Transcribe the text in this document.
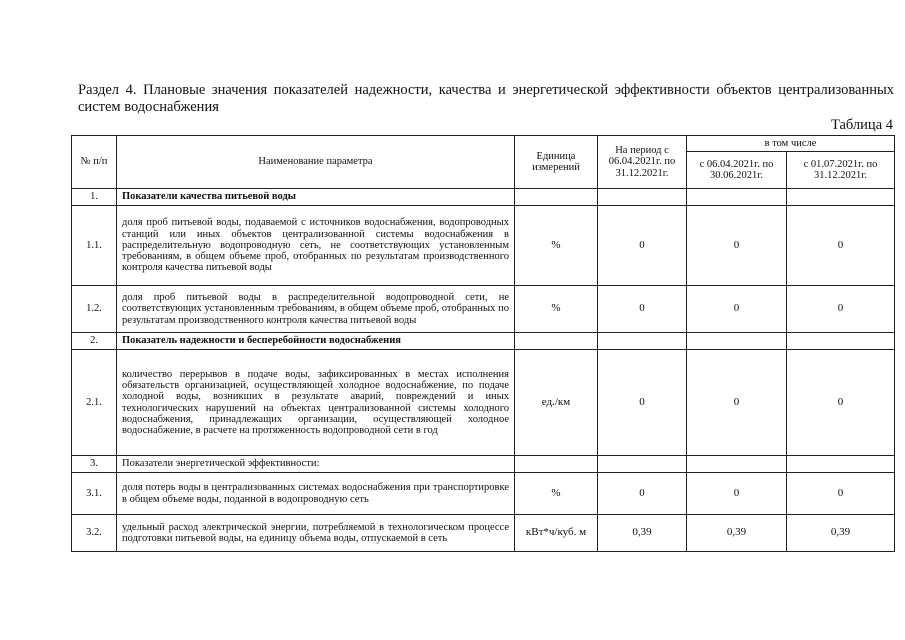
Раздел 4. Плановые значения показателей надежности, качества и энергетической эффективности объектов централизованных систем водоснабжения
Таблица 4
№ п/п	Наименование параметра	Единица измерений	На период с 06.04.2021г. по 31.12.2021г.	в том числе	
				с 06.04.2021г. по 30.06.2021г.	с 01.07.2021г. по 31.12.2021г.
1.	Показатели качества питьевой воды				
1.1.	доля проб питьевой воды, подаваемой с источников водоснабжения, водопроводных станций или иных объектов централизованной системы водоснабжения в распределительную водопроводную сеть, не соответствующих установленным требованиям, в общем объеме проб, отобранных по результатам производственного контроля качества питьевой воды	%	0	0	0
1.2.	доля проб питьевой воды в распределительной водопроводной сети, не соответствующих установленным требованиям, в общем объеме проб, отобранных по результатам производственного контроля качества питьевой воды	%	0	0	0
2.	Показатель надежности и бесперебойности водоснабжения				
2.1.	количество перерывов в подаче воды, зафиксированных в местах исполнения обязательств организацией, осуществляющей холодное водоснабжение, по подаче холодной воды, возникших в результате аварий, повреждений и иных технологических нарушений на объектах централизованной системы холодного водоснабжения, принадлежащих организации, осуществляющей холодное водоснабжение, в расчете на протяженность водопроводной сети в год	ед./км	0	0	0
3.	Показатели энергетической эффективности:				
3.1.	доля потерь воды в централизованных системах водоснабжения при транспортировке в общем объеме воды, поданной в водопроводную сеть	%	0	0	0
3.2.	удельный расход электрической энергии, потребляемой в технологическом процессе подготовки питьевой воды, на единицу объема воды, отпускаемой в сеть	кВт*ч/куб. м	0,39	0,39	0,39
